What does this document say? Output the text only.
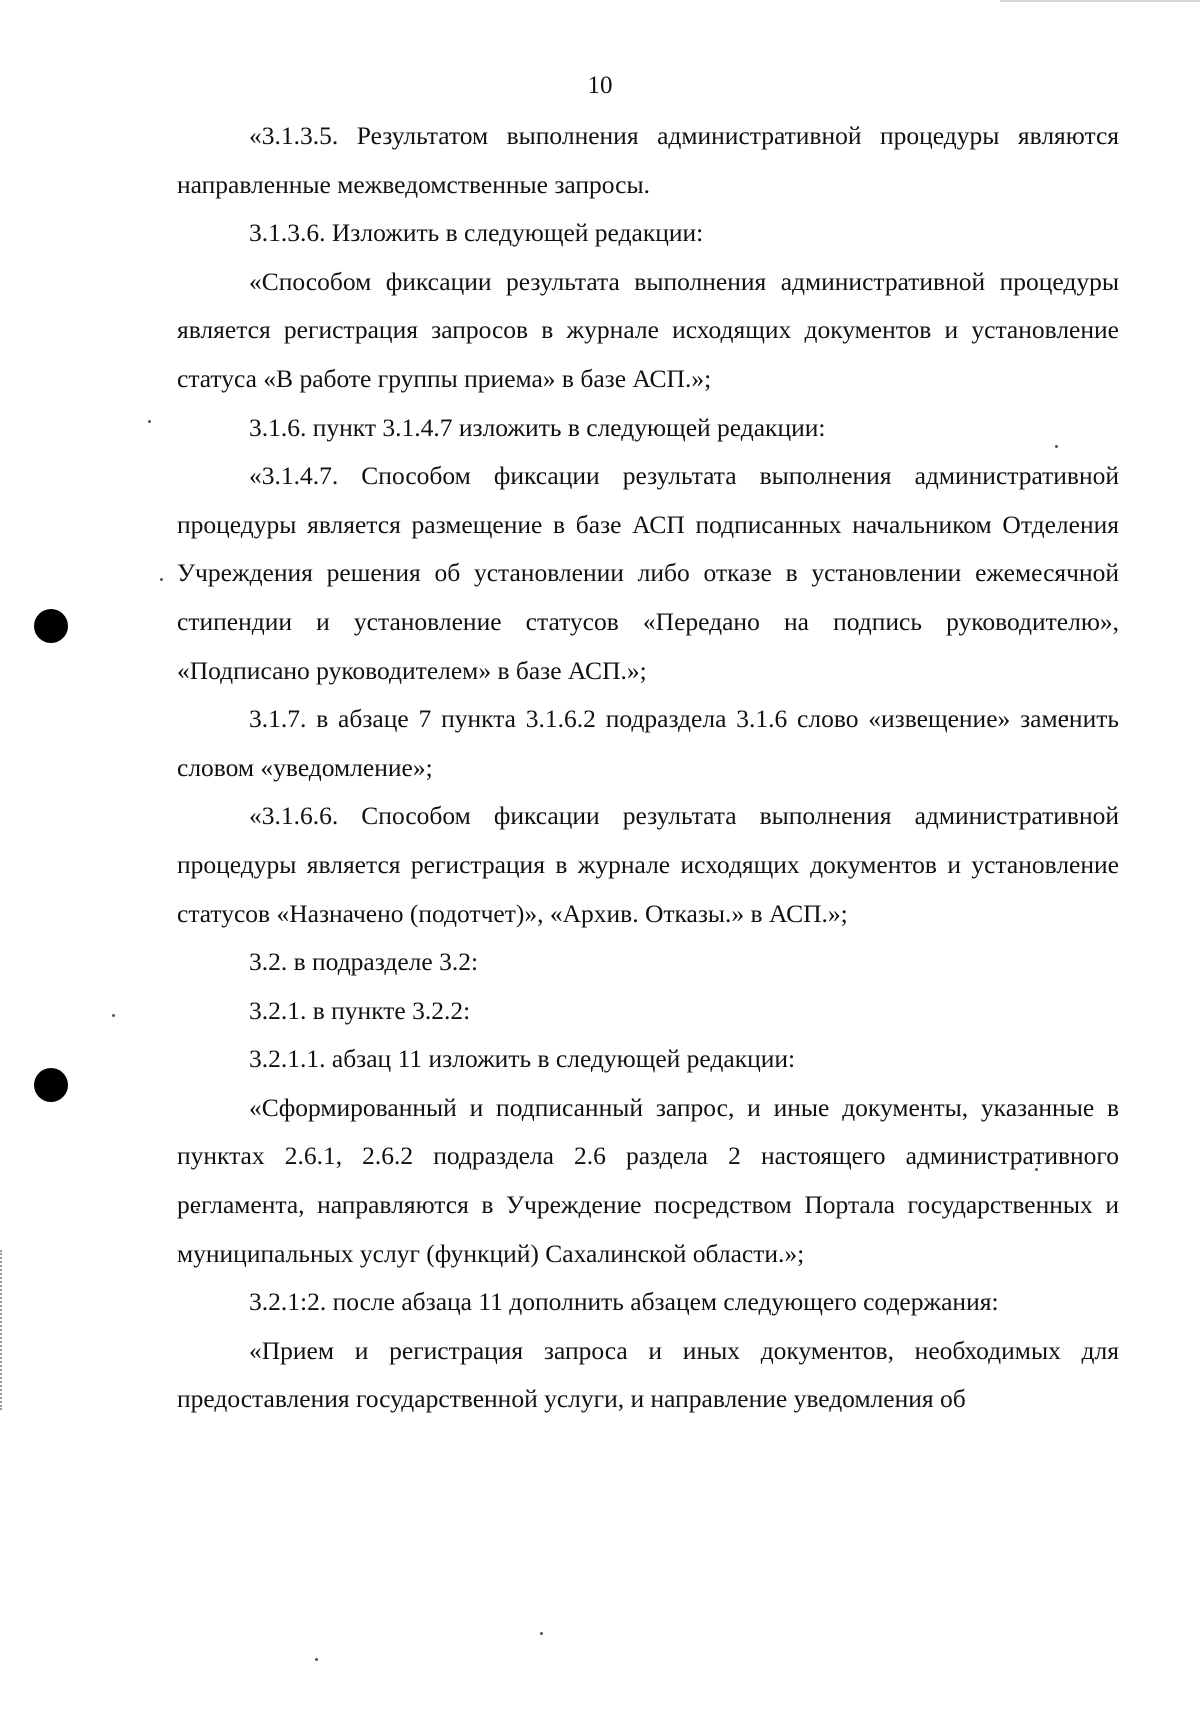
10

«3.1.3.5. Результатом выполнения административной процедуры являются направленные межведомственные запросы.

3.1.3.6. Изложить в следующей редакции:

«Способом фиксации результата выполнения административной процедуры является регистрация запросов в журнале исходящих документов и установление статуса «В работе группы приема» в базе АСП.»;

3.1.6. пункт 3.1.4.7 изложить в следующей редакции:

«3.1.4.7. Способом фиксации результата выполнения административной процедуры является размещение в базе АСП подписанных начальником Отделения Учреждения решения об установлении либо отказе в установлении ежемесячной стипендии и установление статусов «Передано на подпись руководителю», «Подписано руководителем» в базе АСП.»;

3.1.7. в абзаце 7 пункта 3.1.6.2 подраздела 3.1.6 слово «извещение» заменить словом «уведомление»;

«3.1.6.6. Способом фиксации результата выполнения административной процедуры является регистрация в журнале исходящих документов и установление статусов «Назначено (подотчет)», «Архив. Отказы.» в АСП.»;

3.2. в подразделе 3.2:

3.2.1. в пункте 3.2.2:

3.2.1.1. абзац 11 изложить в следующей редакции:

«Сформированный и подписанный запрос, и иные документы, указанные в пунктах 2.6.1, 2.6.2 подраздела 2.6 раздела 2 настоящего административного регламента, направляются в Учреждение посредством Портала государственных и муниципальных услуг (функций) Сахалинской области.»;

3.2.1:2. после абзаца 11 дополнить абзацем следующего содержания:

«Прием и регистрация запроса и иных документов, необходимых для предоставления государственной услуги, и направление уведомления об
